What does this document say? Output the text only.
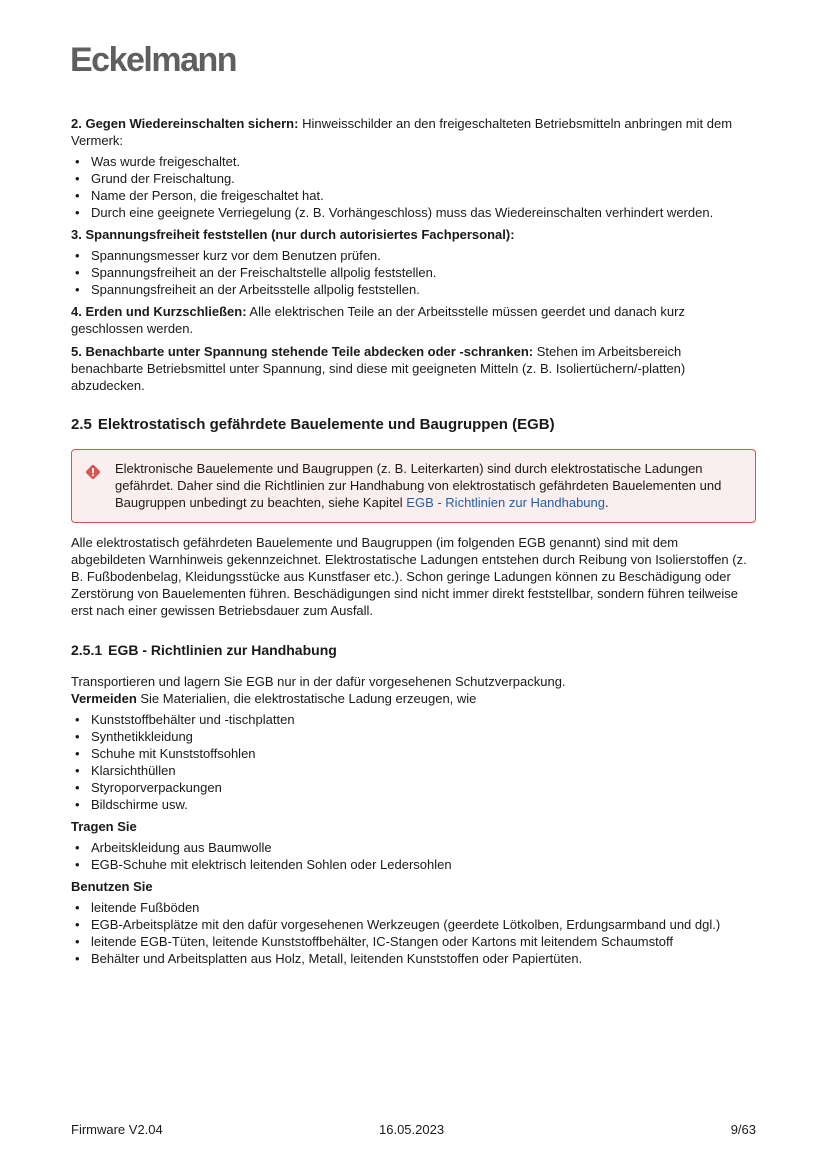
Eckelmann

2. Gegen Wiedereinschalten sichern: Hinweisschilder an den freigeschalteten Betriebsmitteln anbringen mit dem Vermerk:

• Was wurde freigeschaltet.
• Grund der Freischaltung.
• Name der Person, die freigeschaltet hat.
• Durch eine geeignete Verriegelung (z. B. Vorhängeschloss) muss das Wiedereinschalten verhindert werden.

3. Spannungsfreiheit feststellen (nur durch autorisiertes Fachpersonal):

• Spannungsmesser kurz vor dem Benutzen prüfen.
• Spannungsfreiheit an der Freischaltstelle allpolig feststellen.
• Spannungsfreiheit an der Arbeitsstelle allpolig feststellen.

4. Erden und Kurzschließen: Alle elektrischen Teile an der Arbeitsstelle müssen geerdet und danach kurz geschlossen werden.

5. Benachbarte unter Spannung stehende Teile abdecken oder -schranken: Stehen im Arbeitsbereich benachbarte Betriebsmittel unter Spannung, sind diese mit geeigneten Mitteln (z. B. Isoliertüchern/-platten) abzudecken.

2.5 Elektrostatisch gefährdete Bauelemente und Baugruppen (EGB)
Elektronische Bauelemente und Baugruppen (z. B. Leiterkarten) sind durch elektrostatische Ladungen gefährdet. Daher sind die Richtlinien zur Handhabung von elektrostatisch gefährdeten Bauelementen und Baugruppen unbedingt zu beachten, siehe Kapitel EGB - Richtlinien zur Handhabung.

Alle elektrostatisch gefährdeten Bauelemente und Baugruppen (im folgenden EGB genannt) sind mit dem abgebildeten Warnhinweis gekennzeichnet. Elektrostatische Ladungen entstehen durch Reibung von Isolierstoffen (z. B. Fußbodenbelag, Kleidungsstücke aus Kunstfaser etc.). Schon geringe Ladungen können zu Beschädigung oder Zerstörung von Bauelementen führen. Beschädigungen sind nicht immer direkt feststellbar, sondern führen teilweise erst nach einer gewissen Betriebsdauer zum Ausfall.

2.5.1 EGB - Richtlinien zur Handhabung

Transportieren und lagern Sie EGB nur in der dafür vorgesehenen Schutzverpackung.

Vermeiden Sie Materialien, die elektrostatische Ladung erzeugen, wie

• Kunststoffbehälter und -tischplatten
• Synthetikkleidung
• Schuhe mit Kunststoffsohlen
• Klarsichthüllen
• Styroporverpackungen
• Bildschirme usw.

Tragen Sie

• Arbeitskleidung aus Baumwolle
• EGB-Schuhe mit elektrisch leitenden Sohlen oder Ledersohlen

Benutzen Sie

• leitende Fußböden
• EGB-Arbeitsplätze mit den dafür vorgesehenen Werkzeugen (geerdete Lötkolben, Erdungsarmband und dgl.)
• leitende EGB-Tüten, leitende Kunststoffbehälter, IC-Stangen oder Kartons mit leitendem Schaumstoff
• Behälter und Arbeitsplatten aus Holz, Metall, leitenden Kunststoffen oder Papiertüten.
Firmware V2.04	16.05.2023	9/63
